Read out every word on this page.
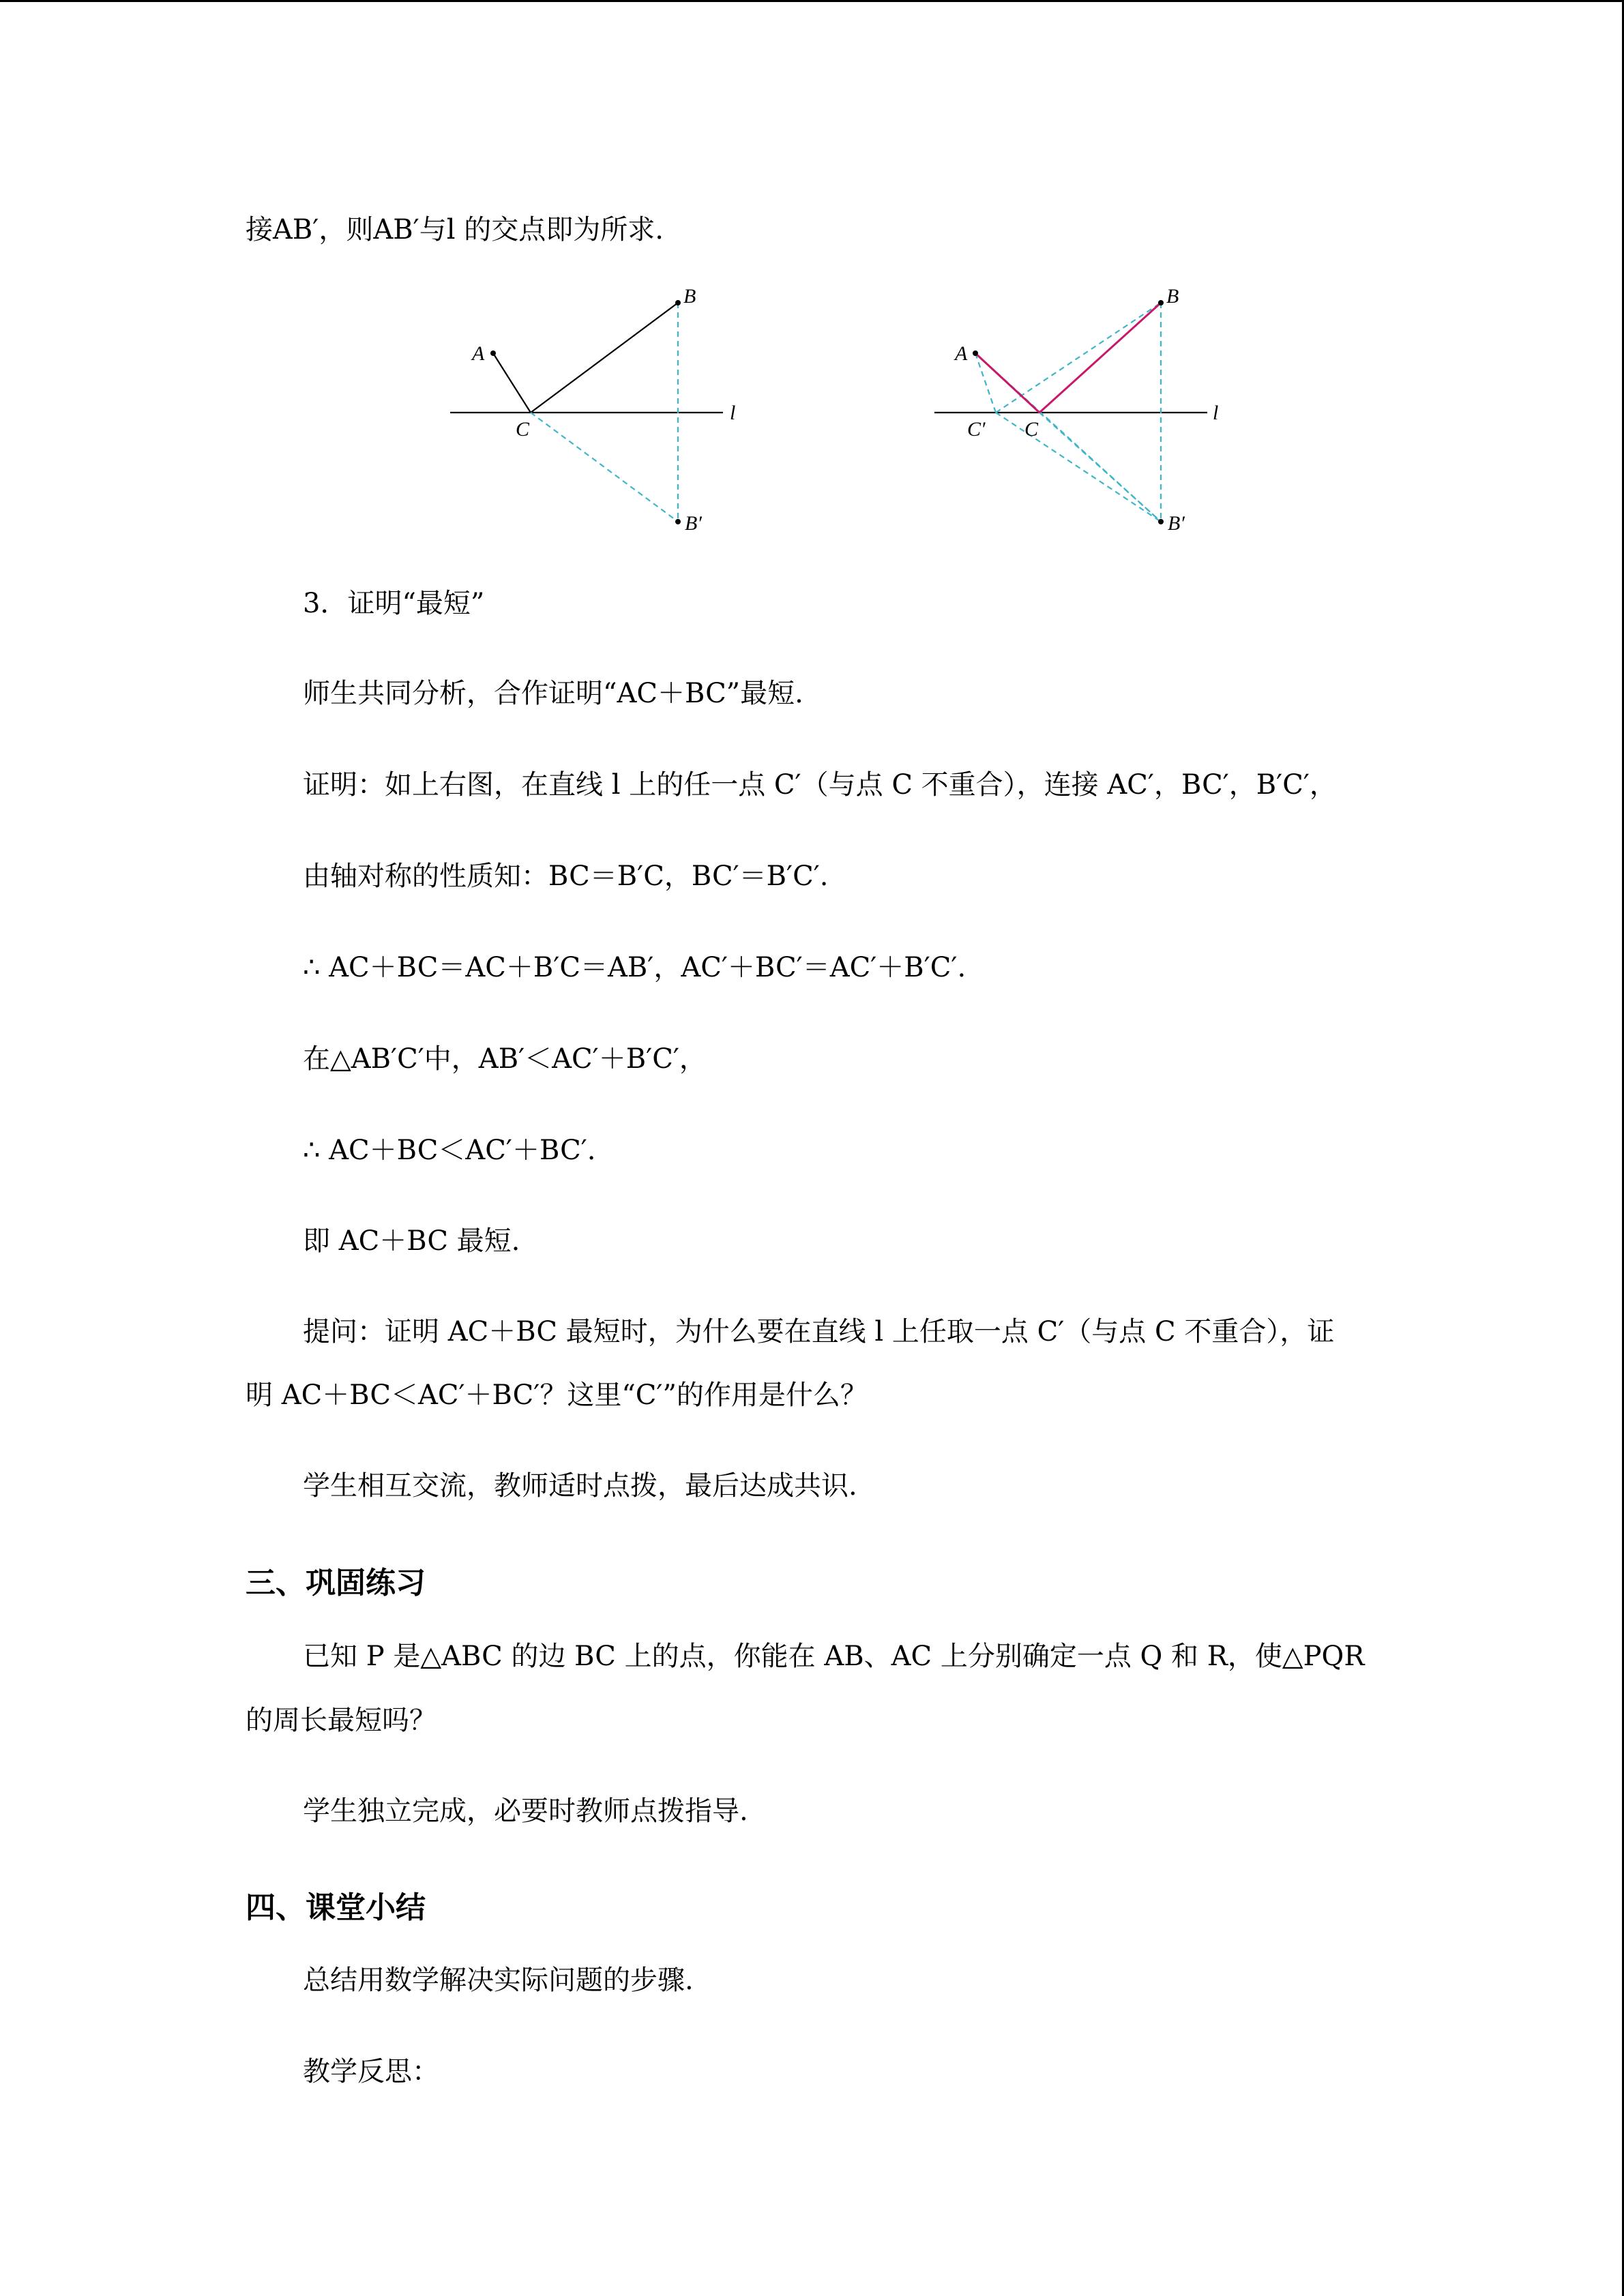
接AB′，则AB′与l 的交点即为所求.
A
B
C
B′
l
A
B
C′ C
B′
l
3．证明“最短”
师生共同分析，合作证明“AC＋BC”最短.
证明：如上右图，在直线 l 上的任一点 C′（与点 C 不重合），连接 AC′，BC′，B′C′，
由轴对称的性质知：BC＝B′C，BC′＝B′C′.
∴ AC＋BC＝AC＋B′C＝AB′，AC′＋BC′＝AC′＋B′C′.
在△AB′C′中，AB′＜AC′＋B′C′，
∴ AC＋BC＜AC′＋BC′.
即 AC＋BC 最短.
提问：证明 AC＋BC 最短时，为什么要在直线 l 上任取一点 C′（与点 C 不重合），证
明 AC＋BC＜AC′＋BC′？这里“C′”的作用是什么？
学生相互交流，教师适时点拨，最后达成共识.
三、巩固练习
已知 P 是△ABC 的边 BC 上的点，你能在 AB、AC 上分别确定一点 Q 和 R，使△PQR
的周长最短吗？
学生独立完成，必要时教师点拨指导.
四、课堂小结
总结用数学解决实际问题的步骤.
教学反思：
